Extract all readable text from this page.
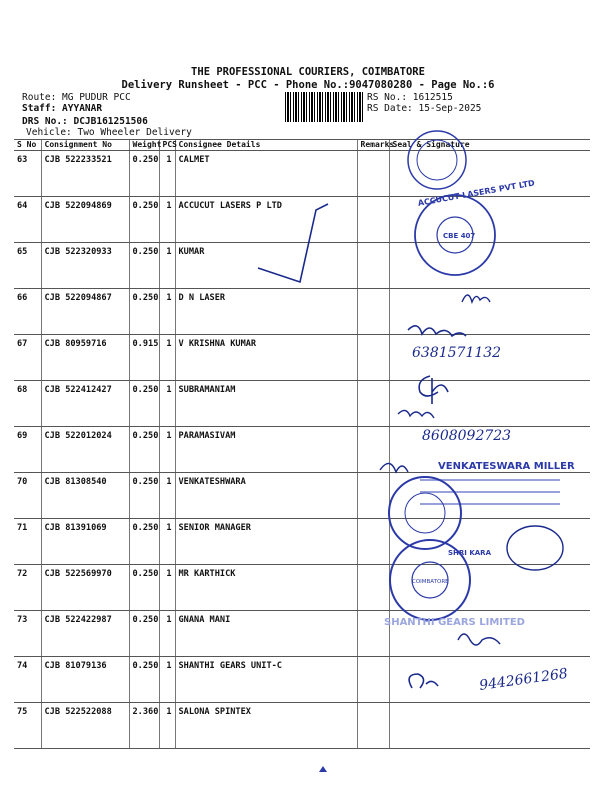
THE PROFESSIONAL COURIERS, COIMBATORE
Delivery Runsheet - PCC - Phone No.:9047080280 - Page No.:6
Route: MG PUDUR PCC
Staff: AYYANAR
DRS No.: DCJB161251506
Vehicle: Two Wheeler Delivery
RS No.: 1612515
RS Date: 15-Sep-2025
S No	Consignment No	Weight	PCS	Consignee Details	Remarks	Seal & Signature
63	CJB 522233521	0.250	1	CALMET		
64	CJB 522094869	0.250	1	ACCUCUT LASERS P LTD		
65	CJB 522320933	0.250	1	KUMAR		
66	CJB 522094867	0.250	1	D N LASER		
67	CJB 80959716	0.915	1	V KRISHNA KUMAR		
68	CJB 522412427	0.250	1	SUBRAMANIAM		
69	CJB 522012024	0.250	1	PARAMASIVAM		
70	CJB 81308540	0.250	1	VENKATESHWARA		
71	CJB 81391069	0.250	1	SENIOR MANAGER		
72	CJB 522569970	0.250	1	MR KARTHICK		
73	CJB 522422987	0.250	1	GNANA MANI		
74	CJB 81079136	0.250	1	SHANTHI GEARS UNIT-C		
75	CJB 522522088	2.360	1	SALONA SPINTEX		
ACCUCUT LASERS PVT LTD
CBE 407
6381571132
8608092723
VENKATESWARA MILLER
SHRI KARA
COIMBATORE
SHANTHI GEARS LIMITED
9442661268
